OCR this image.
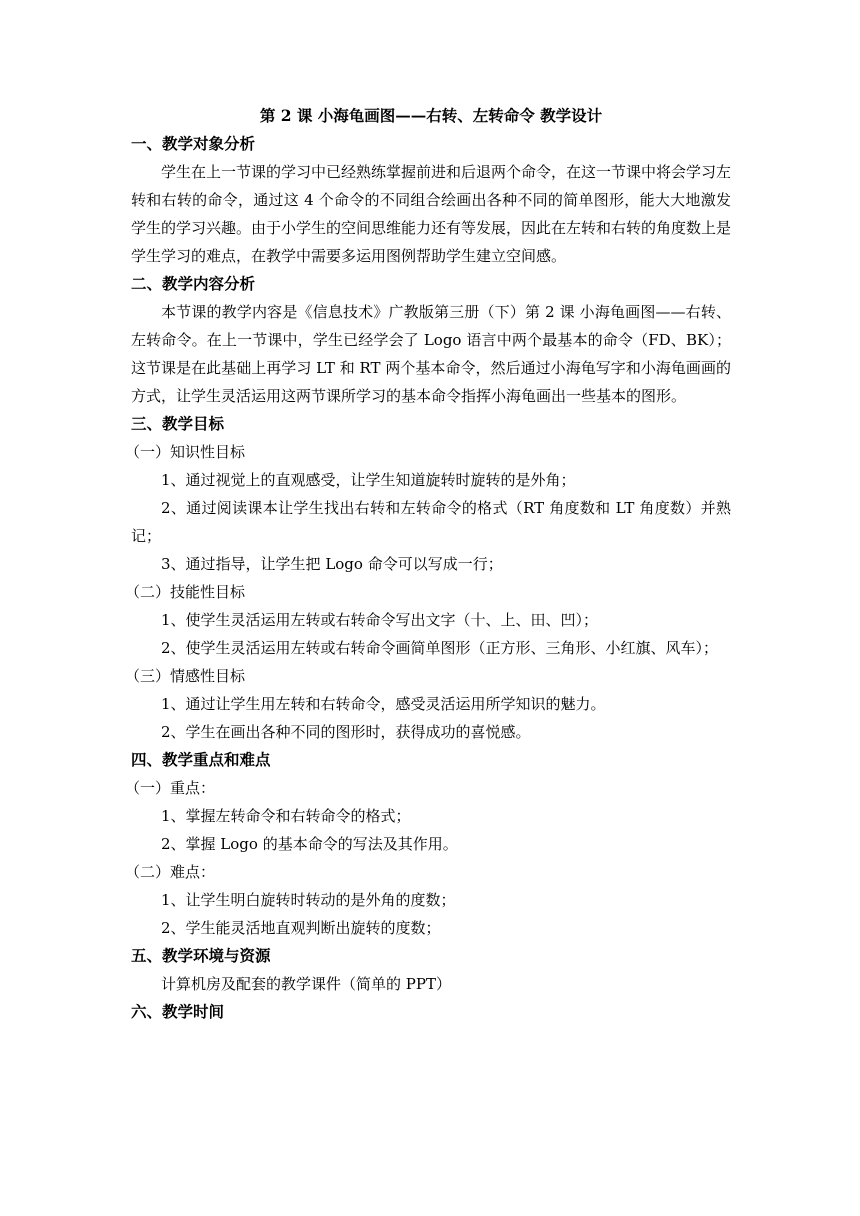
第 2 课 小海龟画图——右转、左转命令 教学设计
一、教学对象分析
学生在上一节课的学习中已经熟练掌握前进和后退两个命令，在这一节课中将会学习左转和右转的命令，通过这 4 个命令的不同组合绘画出各种不同的简单图形，能大大地激发学生的学习兴趣。由于小学生的空间思维能力还有等发展，因此在左转和右转的角度数上是学生学习的难点，在教学中需要多运用图例帮助学生建立空间感。
二、教学内容分析
本节课的教学内容是《信息技术》广教版第三册（下）第 2 课 小海龟画图——右转、左转命令。在上一节课中，学生已经学会了 Logo 语言中两个最基本的命令（FD、BK）；这节课是在此基础上再学习 LT 和 RT 两个基本命令，然后通过小海龟写字和小海龟画画的方式，让学生灵活运用这两节课所学习的基本命令指挥小海龟画出一些基本的图形。
三、教学目标
（一）知识性目标
1、通过视觉上的直观感受，让学生知道旋转时旋转的是外角；
2、通过阅读课本让学生找出右转和左转命令的格式（RT 角度数和 LT 角度数）并熟记；
3、通过指导，让学生把 Logo 命令可以写成一行；
（二）技能性目标
1、使学生灵活运用左转或右转命令写出文字（十、上、田、凹）；
2、使学生灵活运用左转或右转命令画简单图形（正方形、三角形、小红旗、风车）；
（三）情感性目标
1、通过让学生用左转和右转命令，感受灵活运用所学知识的魅力。
2、学生在画出各种不同的图形时，获得成功的喜悦感。
四、教学重点和难点
（一）重点：
1、掌握左转命令和右转命令的格式；
2、掌握 Logo 的基本命令的写法及其作用。
（二）难点：
1、让学生明白旋转时转动的是外角的度数；
2、学生能灵活地直观判断出旋转的度数；
五、教学环境与资源
计算机房及配套的教学课件（简单的 PPT）
六、教学时间
